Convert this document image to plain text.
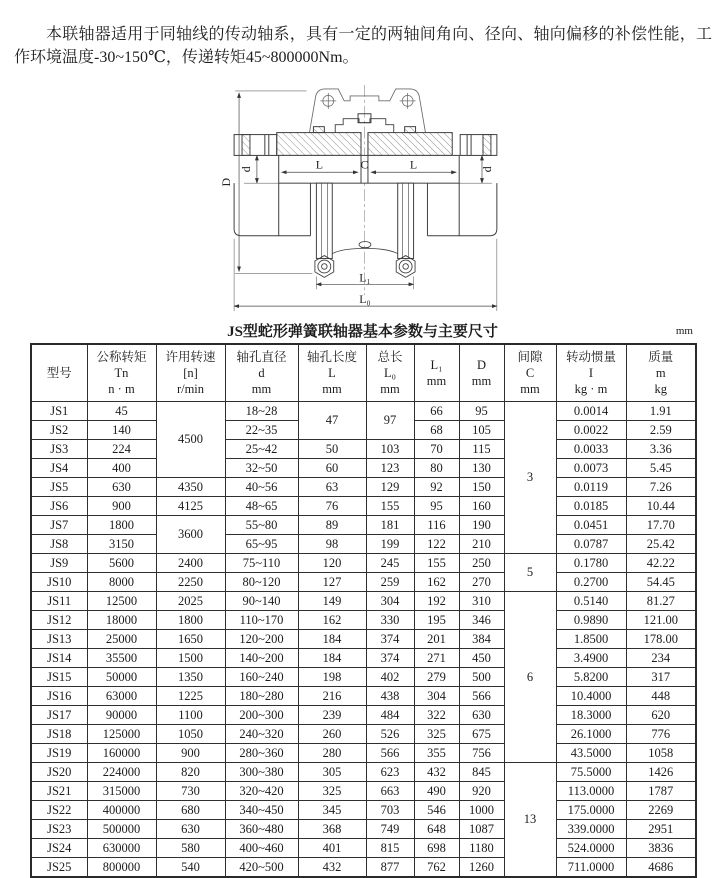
本联轴器适用于同轴线的传动轴系，具有一定的两轴间角向、径向、轴向偏移的补偿性能，工作环境温度-30~150℃，传递转矩45~800000Nm。

L	C	L
D
d	d
L₁
L₀
JS型蛇形弹簧联轴器基本参数与主要尺寸	mm
型号

公称转矩
Tn
n · m

许用转速
[n]
r/min

轴孔直径
d
mm

轴孔长度
L
mm

总长
L₀
mm

L₁
mm

D
mm

间隙
C
mm

转动惯量
I
kg · m

质量
m
kg

JS1	45	4500	18~28	47	97	66	95	3	0.0014	1.91
JS2	140		22~35			68	105		0.0022	2.59
JS3	224		25~42	50	103	70	115		0.0033	3.36
JS4	400		32~50	60	123	80	130		0.0073	5.45
JS5	630	4350	40~56	63	129	92	150		0.0119	7.26
JS6	900	4125	48~65	76	155	95	160		0.0185	10.44
JS7	1800	3600	55~80	89	181	116	190		0.0451	17.70
JS8	3150		65~95	98	199	122	210		0.0787	25.42
JS9	5600	2400	75~110	120	245	155	250	5	0.1780	42.22
JS10	8000	2250	80~120	127	259	162	270		0.2700	54.45
JS11	12500	2025	90~140	149	304	192	310	6	0.5140	81.27
JS12	18000	1800	110~170	162	330	195	346		0.9890	121.00
JS13	25000	1650	120~200	184	374	201	384		1.8500	178.00
JS14	35500	1500	140~200	184	374	271	450		3.4900	234
JS15	50000	1350	160~240	198	402	279	500		5.8200	317
JS16	63000	1225	180~280	216	438	304	566		10.4000	448
JS17	90000	1100	200~300	239	484	322	630		18.3000	620
JS18	125000	1050	240~320	260	526	325	675		26.1000	776
JS19	160000	900	280~360	280	566	355	756		43.5000	1058
JS20	224000	820	300~380	305	623	432	845	13	75.5000	1426
JS21	315000	730	320~420	325	663	490	920		113.0000	1787
JS22	400000	680	340~450	345	703	546	1000		175.0000	2269
JS23	500000	630	360~480	368	749	648	1087		339.0000	2951
JS24	630000	580	400~460	401	815	698	1180		524.0000	3836
JS25	800000	540	420~500	432	877	762	1260		711.0000	4686
